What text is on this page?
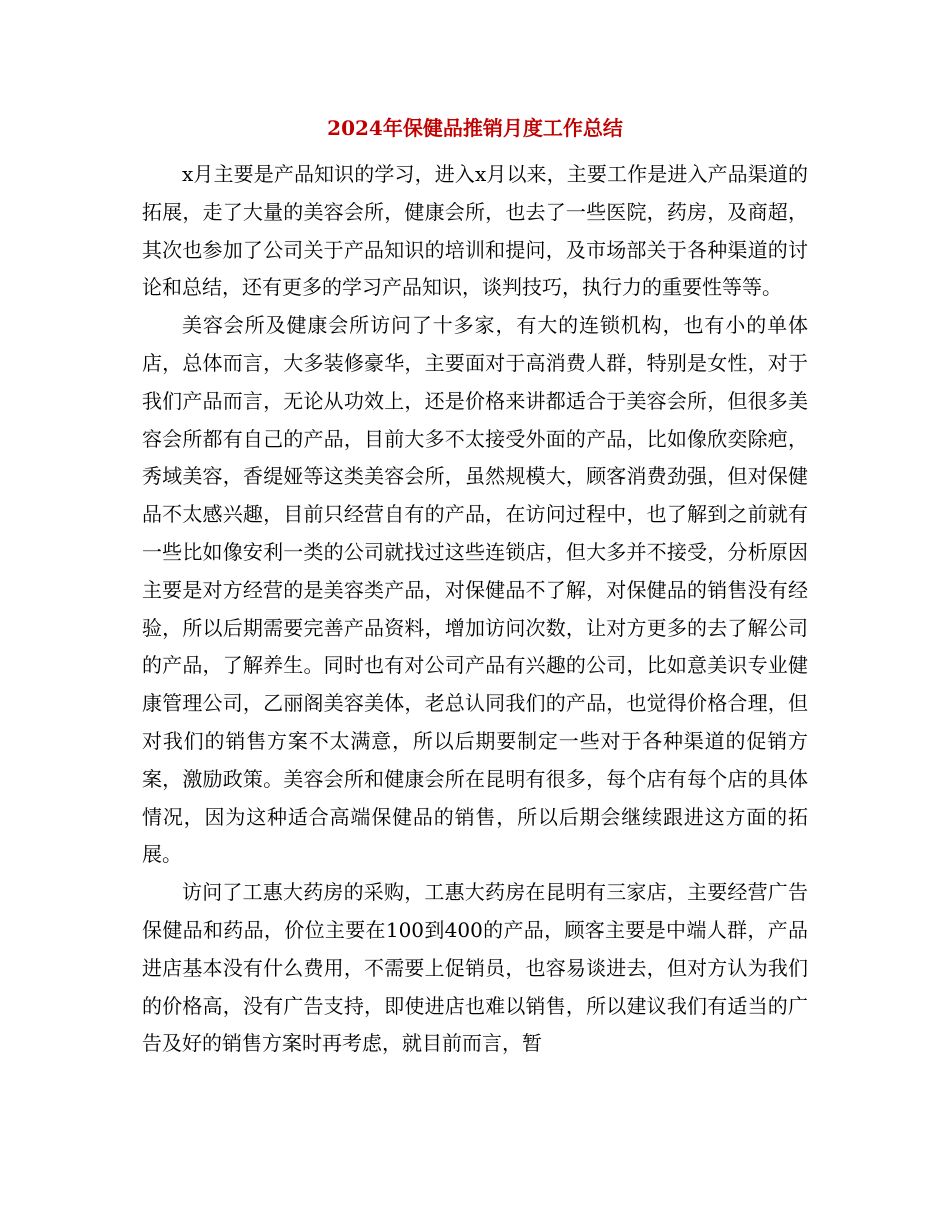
2024年保健品推销月度工作总结

x月主要是产品知识的学习，进入x月以来，主要工作是进入产品渠道的拓展，走了大量的美容会所，健康会所，也去了一些医院，药房，及商超，其次也参加了公司关于产品知识的培训和提问，及市场部关于各种渠道的讨论和总结，还有更多的学习产品知识，谈判技巧，执行力的重要性等等。

美容会所及健康会所访问了十多家，有大的连锁机构，也有小的单体店，总体而言，大多装修豪华，主要面对于高消费人群，特别是女性，对于我们产品而言，无论从功效上，还是价格来讲都适合于美容会所，但很多美容会所都有自己的产品，目前大多不太接受外面的产品，比如像欣奕除疤，秀域美容，香缇娅等这类美容会所，虽然规模大，顾客消费劲强，但对保健品不太感兴趣，目前只经营自有的产品，在访问过程中，也了解到之前就有一些比如像安利一类的公司就找过这些连锁店，但大多并不接受，分析原因主要是对方经营的是美容类产品，对保健品不了解，对保健品的销售没有经验，所以后期需要完善产品资料，增加访问次数，让对方更多的去了解公司的产品，了解养生。同时也有对公司产品有兴趣的公司，比如意美识专业健康管理公司，乙丽阁美容美体，老总认同我们的产品，也觉得价格合理，但对我们的销售方案不太满意，所以后期要制定一些对于各种渠道的促销方案，激励政策。美容会所和健康会所在昆明有很多，每个店有每个店的具体情况，因为这种适合高端保健品的销售，所以后期会继续跟进这方面的拓展。

访问了工惠大药房的采购，工惠大药房在昆明有三家店，主要经营广告保健品和药品，价位主要在100到400的产品，顾客主要是中端人群，产品进店基本没有什么费用，不需要上促销员，也容易谈进去，但对方认为我们的价格高，没有广告支持，即使进店也难以销售，所以建议我们有适当的广告及好的销售方案时再考虑，就目前而言，暂
